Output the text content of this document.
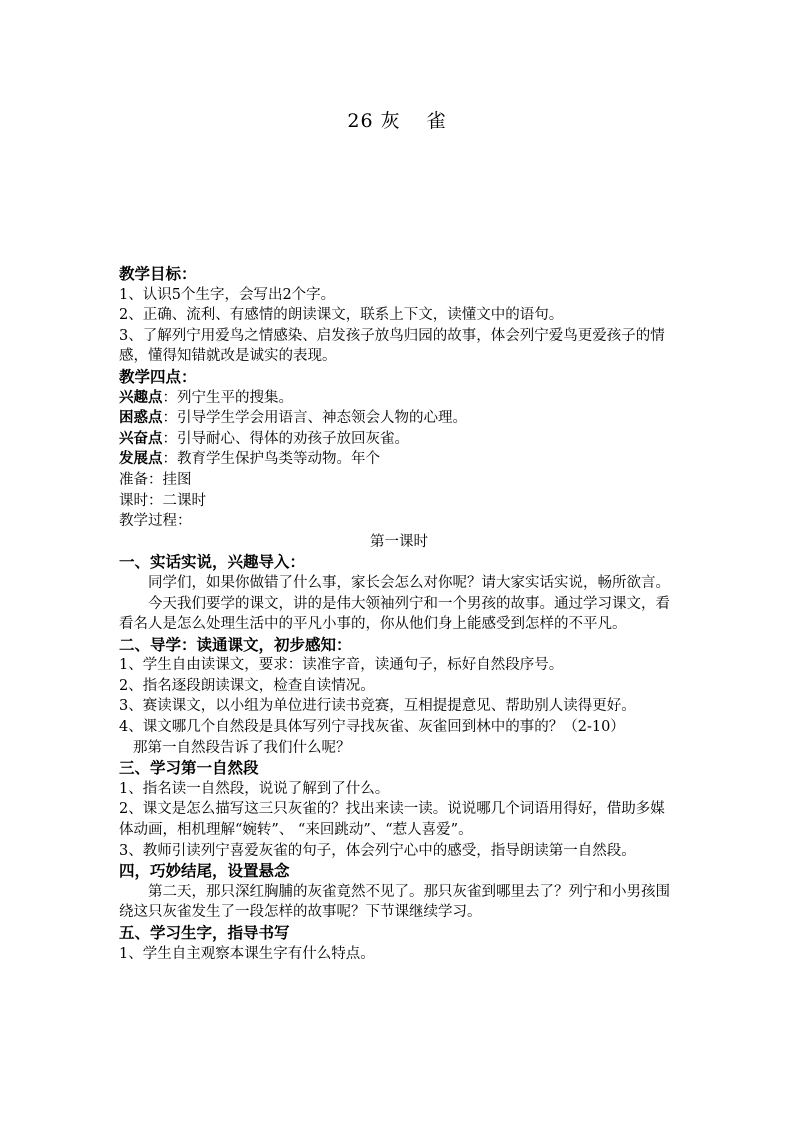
26 灰 雀
教学目标：
1、认识5个生字，会写出2个字。
2、正确、流利、有感情的朗读课文，联系上下文，读懂文中的语句。
3、了解列宁用爱鸟之情感染、启发孩子放鸟归园的故事，体会列宁爱鸟更爱孩子的情感，懂得知错就改是诚实的表现。
教学四点：
兴趣点：列宁生平的搜集。
困惑点：引导学生学会用语言、神态领会人物的心理。
兴奋点：引导耐心、得体的劝孩子放回灰雀。
发展点：教育学生保护鸟类等动物。年个
准备：挂图
课时：二课时
教学过程：
第一课时
一、实话实说，兴趣导入：
同学们，如果你做错了什么事，家长会怎么对你呢？请大家实话实说，畅所欲言。
今天我们要学的课文，讲的是伟大领袖列宁和一个男孩的故事。通过学习课文，看看名人是怎么处理生活中的平凡小事的，你从他们身上能感受到怎样的不平凡。
二、导学：读通课文，初步感知：
1、学生自由读课文，要求：读准字音，读通句子，标好自然段序号。
2、指名逐段朗读课文，检查自读情况。
3、赛读课文，以小组为单位进行读书竞赛，互相提提意见、帮助别人读得更好。
4、课文哪几个自然段是具体写列宁寻找灰雀、灰雀回到林中的事的？（2-10）
那第一自然段告诉了我们什么呢？
三、学习第一自然段
1、指名读一自然段，说说了解到了什么。
2、课文是怎么描写这三只灰雀的？找出来读一读。说说哪几个词语用得好，借助多媒体动画，相机理解“婉转”、 “来回跳动”、“惹人喜爱”。
3、教师引读列宁喜爱灰雀的句子，体会列宁心中的感受，指导朗读第一自然段。
四，巧妙结尾，设置悬念
第二天，那只深红胸脯的灰雀竟然不见了。那只灰雀到哪里去了？列宁和小男孩围绕这只灰雀发生了一段怎样的故事呢？下节课继续学习。
五、学习生字，指导书写
1、学生自主观察本课生字有什么特点。
